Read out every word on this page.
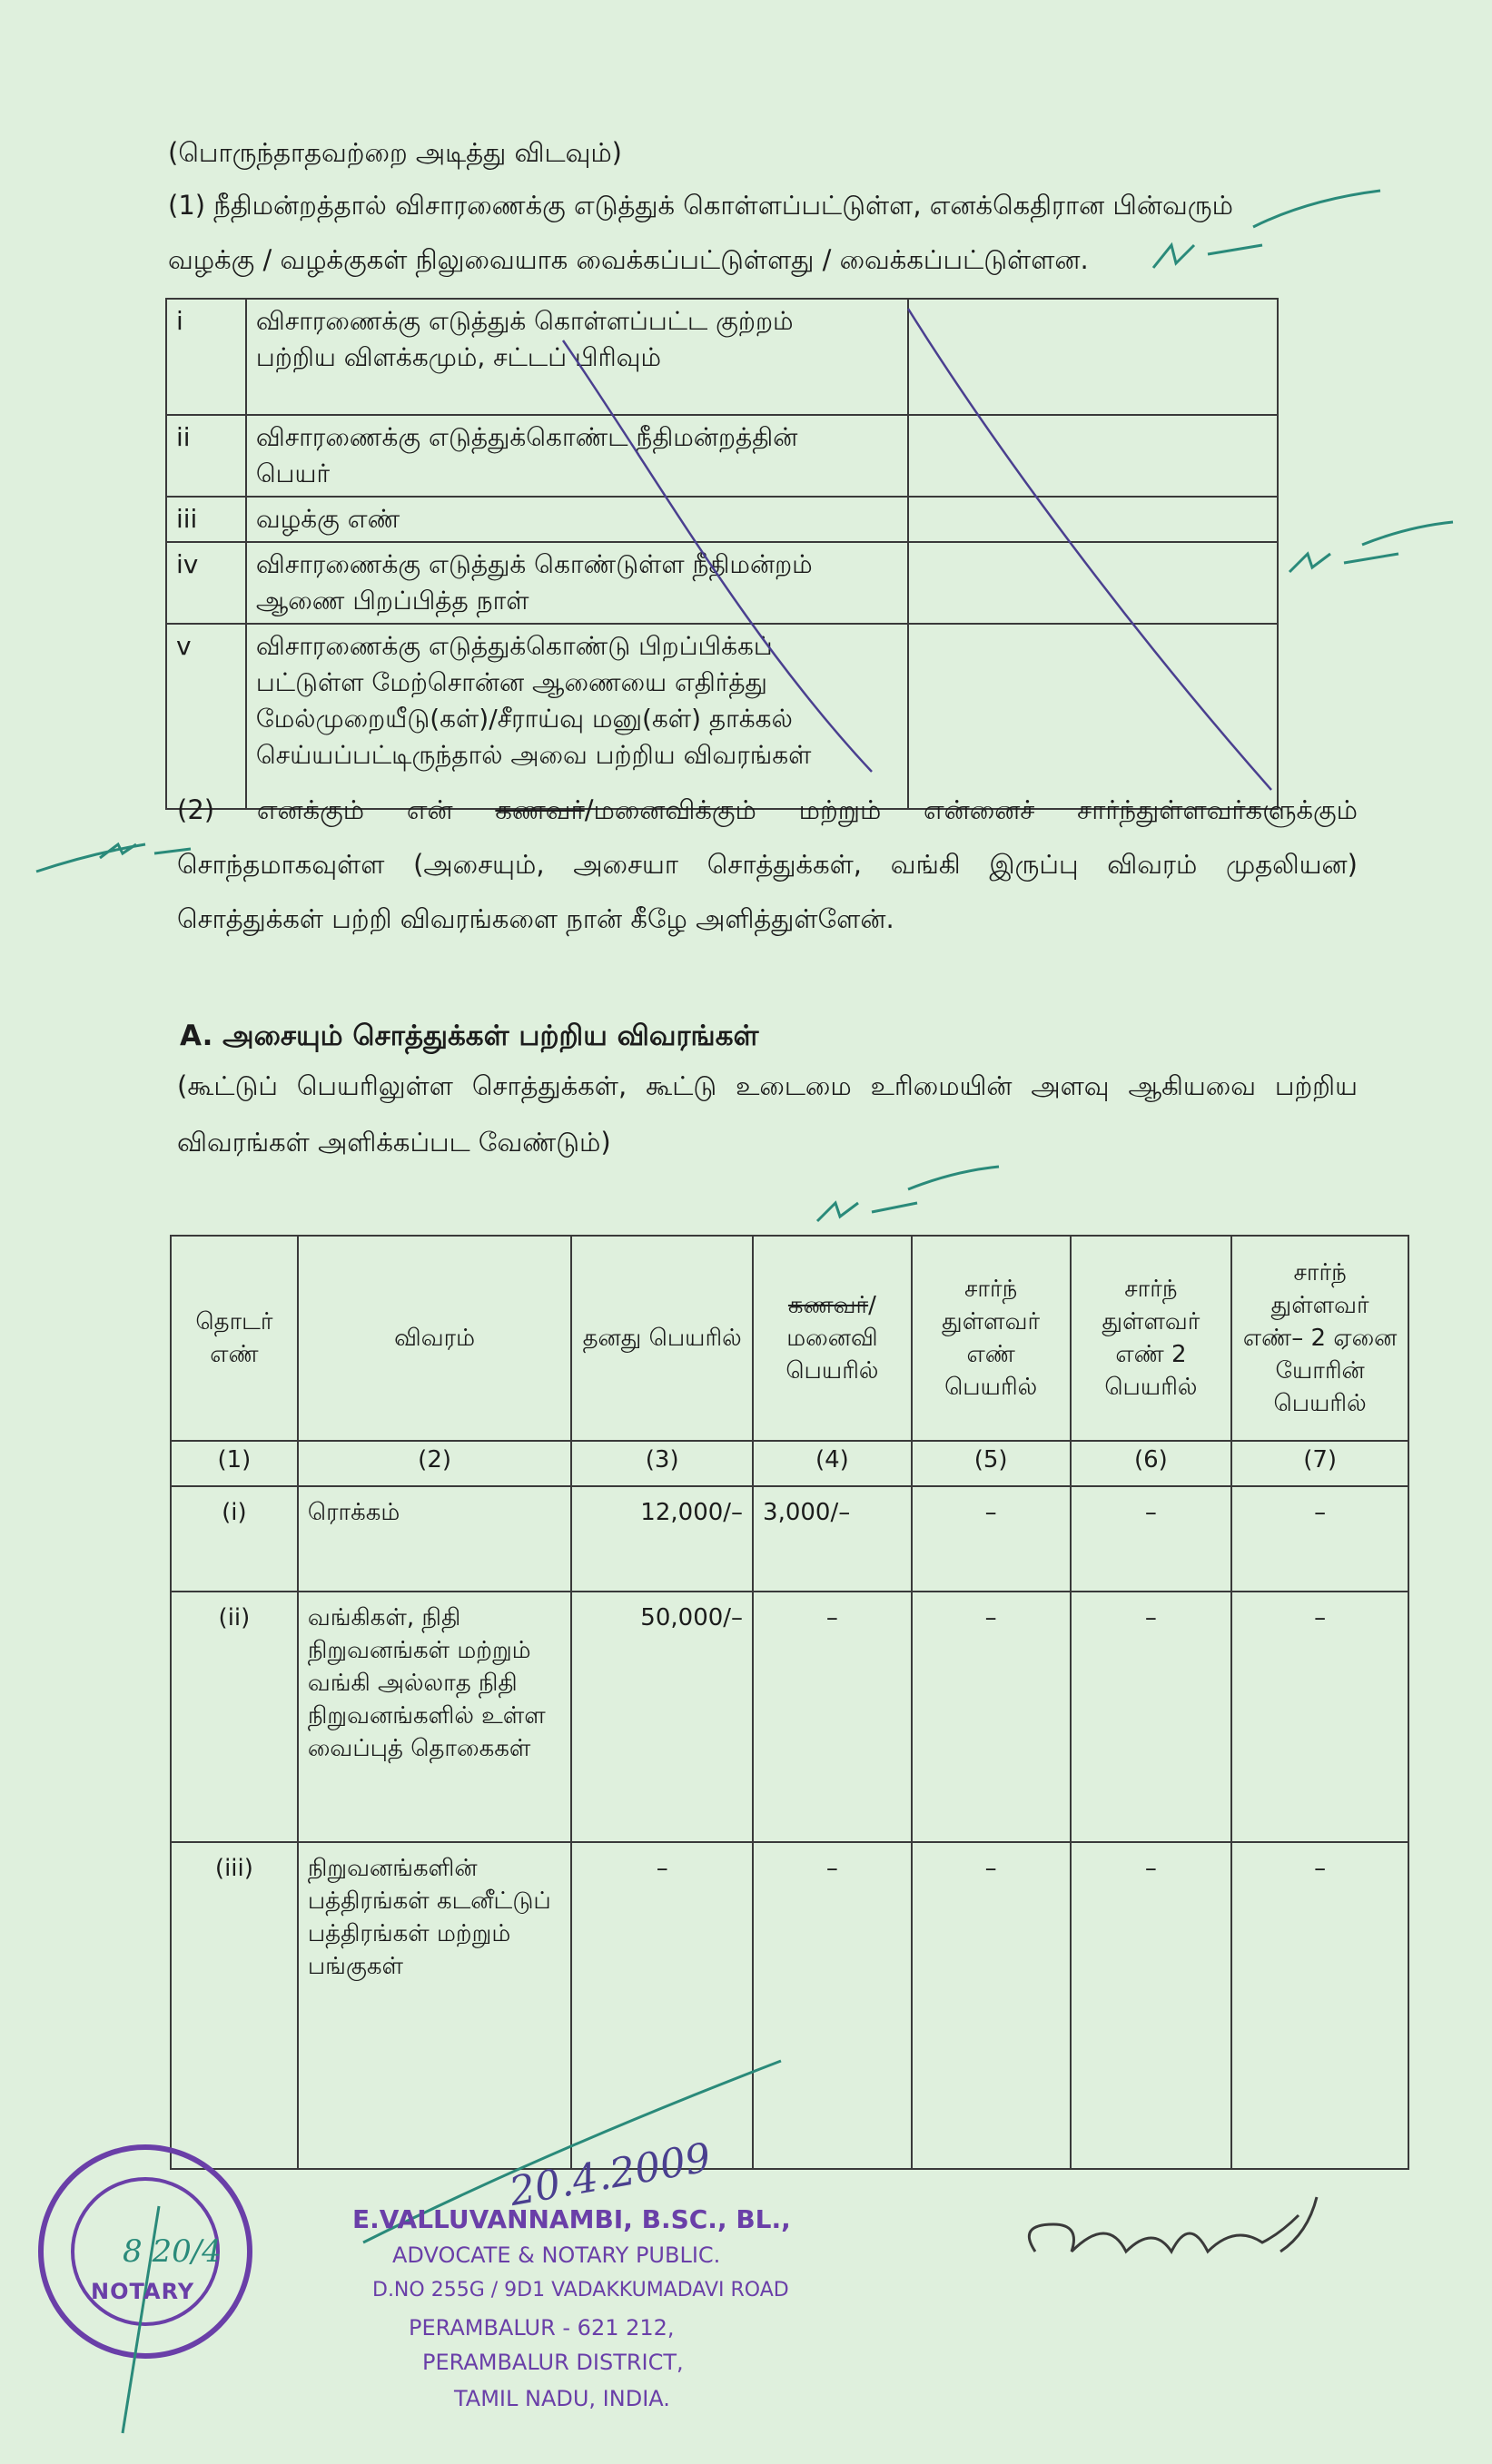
(பொருந்தாதவற்றை அடித்து விடவும்)
(1) நீதிமன்றத்தால் விசாரணைக்கு எடுத்துக் கொள்ளப்பட்டுள்ள, எனக்கெதிரான பின்வரும்
வழக்கு / வழக்குகள் நிலுவையாக வைக்கப்பட்டுள்ளது / வைக்கப்பட்டுள்ளன.
i	விசாரணைக்கு எடுத்துக் கொள்ளப்பட்ட குற்றம்
பற்றிய விளக்கமும், சட்டப் பிரிவும்	

ii	விசாரணைக்கு எடுத்துக்கொண்ட நீதிமன்றத்தின்
பெயர்	

iii	வழக்கு எண்	

iv	விசாரணைக்கு எடுத்துக் கொண்டுள்ள நீதிமன்றம்
ஆணை பிறப்பித்த நாள்	

v	விசாரணைக்கு எடுத்துக்கொண்டு பிறப்பிக்கப்
பட்டுள்ள மேற்சொன்ன ஆணையை எதிர்த்து
மேல்முறையீடு(கள்)/சீராய்வு மனு(கள்) தாக்கல்
செய்யப்பட்டிருந்தால் அவை பற்றிய விவரங்கள்	

(2) எனக்கும் என் கணவர்/மனைவிக்கும் மற்றும் என்னைச் சார்ந்துள்ளவர்களுக்கும்
சொந்தமாகவுள்ள (அசையும், அசையா சொத்துக்கள், வங்கி இருப்பு விவரம் முதலியன)
சொத்துக்கள் பற்றி விவரங்களை நான் கீழே அளித்துள்ளேன்.
A. அசையும் சொத்துக்கள் பற்றிய விவரங்கள்
(கூட்டுப் பெயரிலுள்ள சொத்துக்கள், கூட்டு உடைமை உரிமையின் அளவு ஆகியவை பற்றிய
விவரங்கள் அளிக்கப்பட வேண்டும்)
தொடர் எண்	விவரம்	தனது பெயரில்	கணவர்/ மனைவி பெயரில்	சார்ந் துள்ளவர் எண் பெயரில்	சார்ந் துள்ளவர் எண் 2 பெயரில்	சார்ந் துள்ளவர் எண்– 2 ஏனை யோரின் பெயரில்
(1)	(2)	(3)	(4)	(5)	(6)	(7)
(i)	ரொக்கம்	12,000/–	3,000/–	–	–	–
(ii)	வங்கிகள், நிதி நிறுவனங்கள் மற்றும் வங்கி அல்லாத நிதி நிறுவனங்களில் உள்ள வைப்புத் தொகைகள்	50,000/–	–	–	–	–
(iii)	நிறுவனங்களின் பத்திரங்கள் கடனீட்டுப் பத்திரங்கள் மற்றும் பங்குகள்	–	–	–	–	–
NOTARY
8 20/4
20.4.2009
E.VALLUVANNAMBI, B.SC., BL.,
ADVOCATE & NOTARY PUBLIC.
D.NO 255G / 9D1 VADAKKUMADAVI ROAD
PERAMBALUR - 621 212,
PERAMBALUR DISTRICT,
TAMIL NADU, INDIA.
